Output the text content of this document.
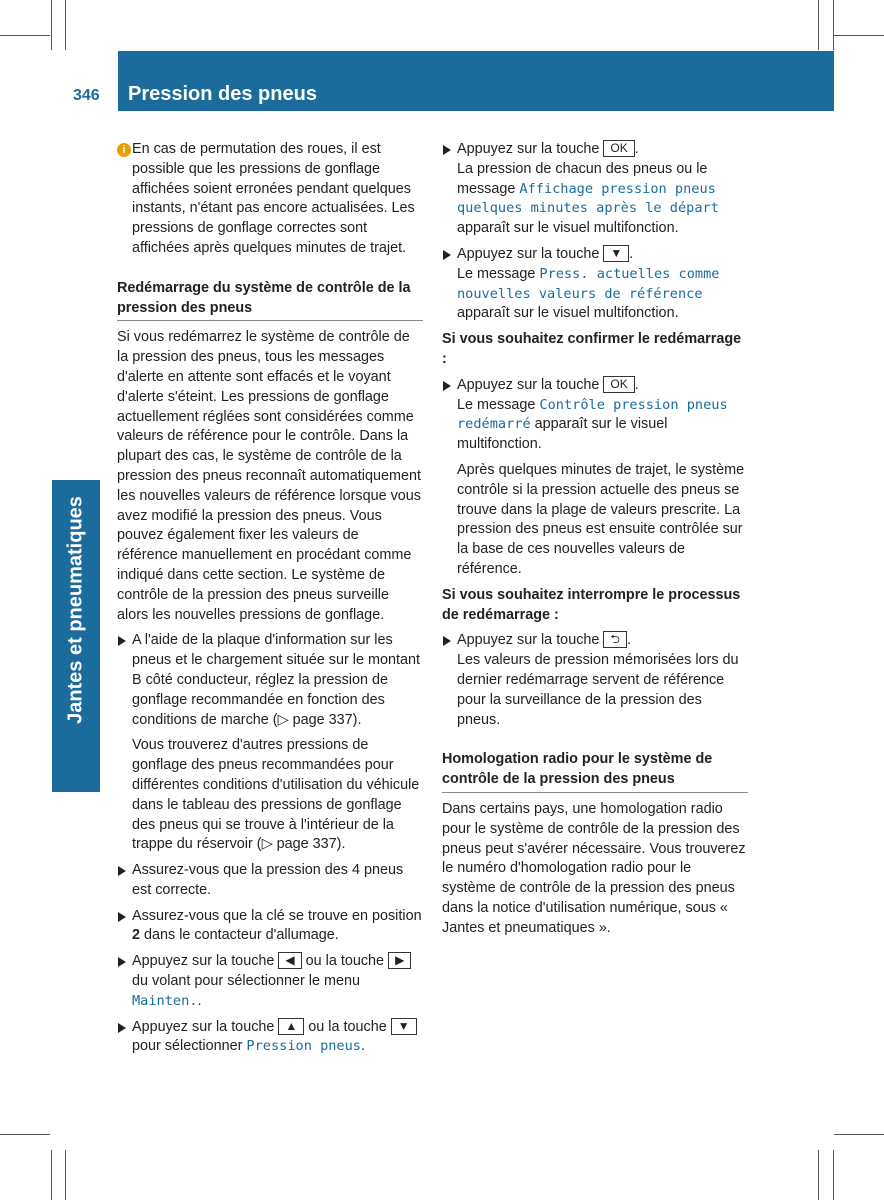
346 Pression des pneus
Jantes et pneumatiques

i En cas de permutation des roues, il est possible que les pressions de gonflage affichées soient erronées pendant quelques instants, n'étant pas encore actualisées. Les pressions de gonflage correctes sont affichées après quelques minutes de trajet.

Redémarrage du système de contrôle de la pression des pneus

Si vous redémarrez le système de contrôle de la pression des pneus, tous les messages d'alerte en attente sont effacés et le voyant d'alerte s'éteint. Les pressions de gonflage actuellement réglées sont considérées comme valeurs de référence pour le contrôle. Dans la plupart des cas, le système de contrôle de la pression des pneus reconnaît automatiquement les nouvelles valeurs de référence lorsque vous avez modifié la pression des pneus. Vous pouvez également fixer les valeurs de référence manuellement en procédant comme indiqué dans cette section. Le système de contrôle de la pression des pneus surveille alors les nouvelles pressions de gonflage.

A l'aide de la plaque d'information sur les pneus et le chargement située sur le montant B côté conducteur, réglez la pression de gonflage recommandée en fonction des conditions de marche (▷ page 337).

Vous trouverez d'autres pressions de gonflage des pneus recommandées pour différentes conditions d'utilisation du véhicule dans le tableau des pressions de gonflage des pneus qui se trouve à l'intérieur de la trappe du réservoir (▷ page 337).

Assurez-vous que la pression des 4 pneus est correcte.

Assurez-vous que la clé se trouve en position 2 dans le contacteur d'allumage.

Appuyez sur la touche ◀ ou la touche ▶ du volant pour sélectionner le menu Mainten..

Appuyez sur la touche ▲ ou la touche ▼ pour sélectionner Pression pneus.

Appuyez sur la touche OK .

La pression de chacun des pneus ou le message Affichage pression pneus quelques minutes après le départ apparaît sur le visuel multifonction.

Appuyez sur la touche ▼ .

Le message Press. actuelles comme nouvelles valeurs de référence apparaît sur le visuel multifonction.

Si vous souhaitez confirmer le redémarrage :

Appuyez sur la touche OK .

Le message Contrôle pression pneus redémarré apparaît sur le visuel multifonction.

Après quelques minutes de trajet, le système contrôle si la pression actuelle des pneus se trouve dans la plage de valeurs prescrite. La pression des pneus est ensuite contrôlée sur la base de ces nouvelles valeurs de référence.

Si vous souhaitez interrompre le processus de redémarrage :

Appuyez sur la touche ⮌ .

Les valeurs de pression mémorisées lors du dernier redémarrage servent de référence pour la surveillance de la pression des pneus.

Homologation radio pour le système de contrôle de la pression des pneus

Dans certains pays, une homologation radio pour le système de contrôle de la pression des pneus peut s'avérer nécessaire. Vous trouverez le numéro d'homologation radio pour le système de contrôle de la pression des pneus dans la notice d'utilisation numérique, sous « Jantes et pneumatiques ».
